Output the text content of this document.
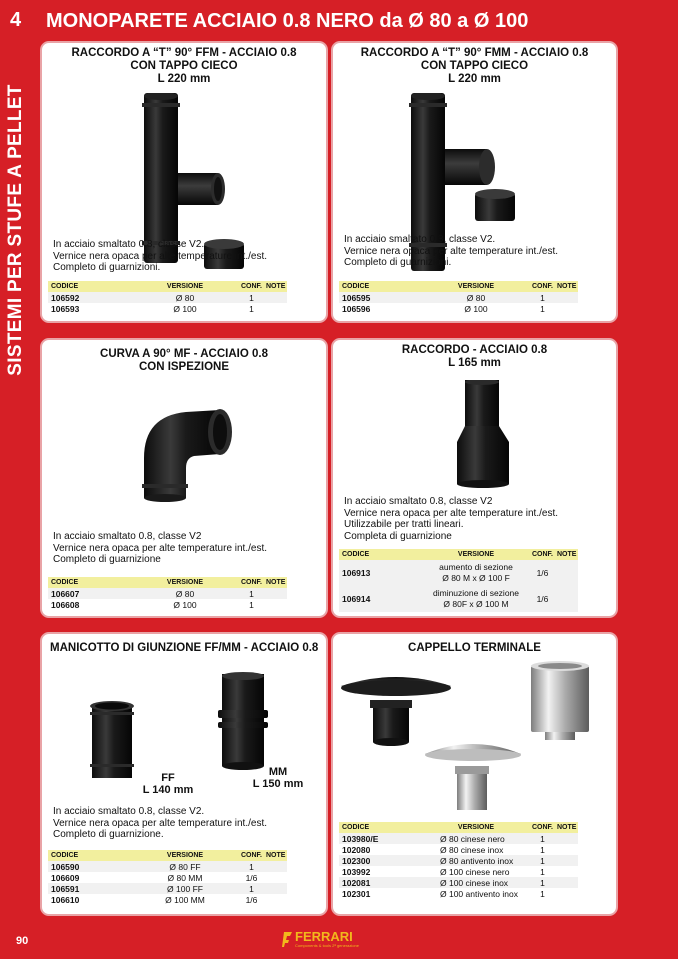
4 MONOPARETE ACCIAIO 0.8 NERO da Ø 80 a Ø 100
SISTEMI PER STUFE A PELLET
RACCORDO A “T” 90° FFM - ACCIAIO 0.8
CON TAPPO CIECO
L 220 mm
In acciaio smaltato 0.8, classe V2.
Vernice nera opaca per alte temperature int./est.
Completo di guarnizioni.
CODICE	VERSIONE	CONF.	NOTE
106592	Ø 80	1	
106593	Ø 100	1	
RACCORDO A “T” 90° FMM - ACCIAIO 0.8
CON TAPPO CIECO
L 220 mm
In acciaio smaltato 0.8, classe V2.
Vernice nera opaca per alte temperature int./est.
Completo di guarnizioni.
CODICE	VERSIONE	CONF.	NOTE
106595	Ø 80	1	
106596	Ø 100	1	
CURVA A 90° MF - ACCIAIO 0.8
CON ISPEZIONE
In acciaio smaltato 0.8, classe V2
Vernice nera opaca per alte temperature int./est.
Completo di guarnizione
CODICE	VERSIONE	CONF.	NOTE
106607	Ø 80	1	
106608	Ø 100	1	
RACCORDO - ACCIAIO 0.8
L 165 mm
In acciaio smaltato 0.8, classe V2
Vernice nera opaca per alte temperature int./est.
Utilizzabile per tratti lineari.
Completa di guarnizione
CODICE	VERSIONE	CONF.	NOTE
106913	aumento di sezione
Ø 80 M x Ø 100 F	1/6	
106914	diminuzione di sezione
Ø 80F x Ø 100 M	1/6	
MANICOTTO DI GIUNZIONE FF/MM - ACCIAIO 0.8
FF
L 140 mm
MM
L 150 mm
In acciaio smaltato 0.8, classe V2.
Vernice nera opaca per alte temperature int./est.
Completo di guarnizione.
CODICE	VERSIONE	CONF.	NOTE
106590	Ø 80 FF	1	
106609	Ø 80 MM	1/6	
106591	Ø 100 FF	1	
106610	Ø 100 MM	1/6	
CAPPELLO TERMINALE
CODICE	VERSIONE	CONF.	NOTE
103980/E	Ø 80 cinese nero	1	
102080	Ø 80 cinese inox	1	
102300	Ø 80 antivento inox	1	
103992	Ø 100 cinese nero	1	
102081	Ø 100 cinese inox	1	
102301	Ø 100 antivento inox	1	
90	FERRARI
Components & tools 2ª generazione
